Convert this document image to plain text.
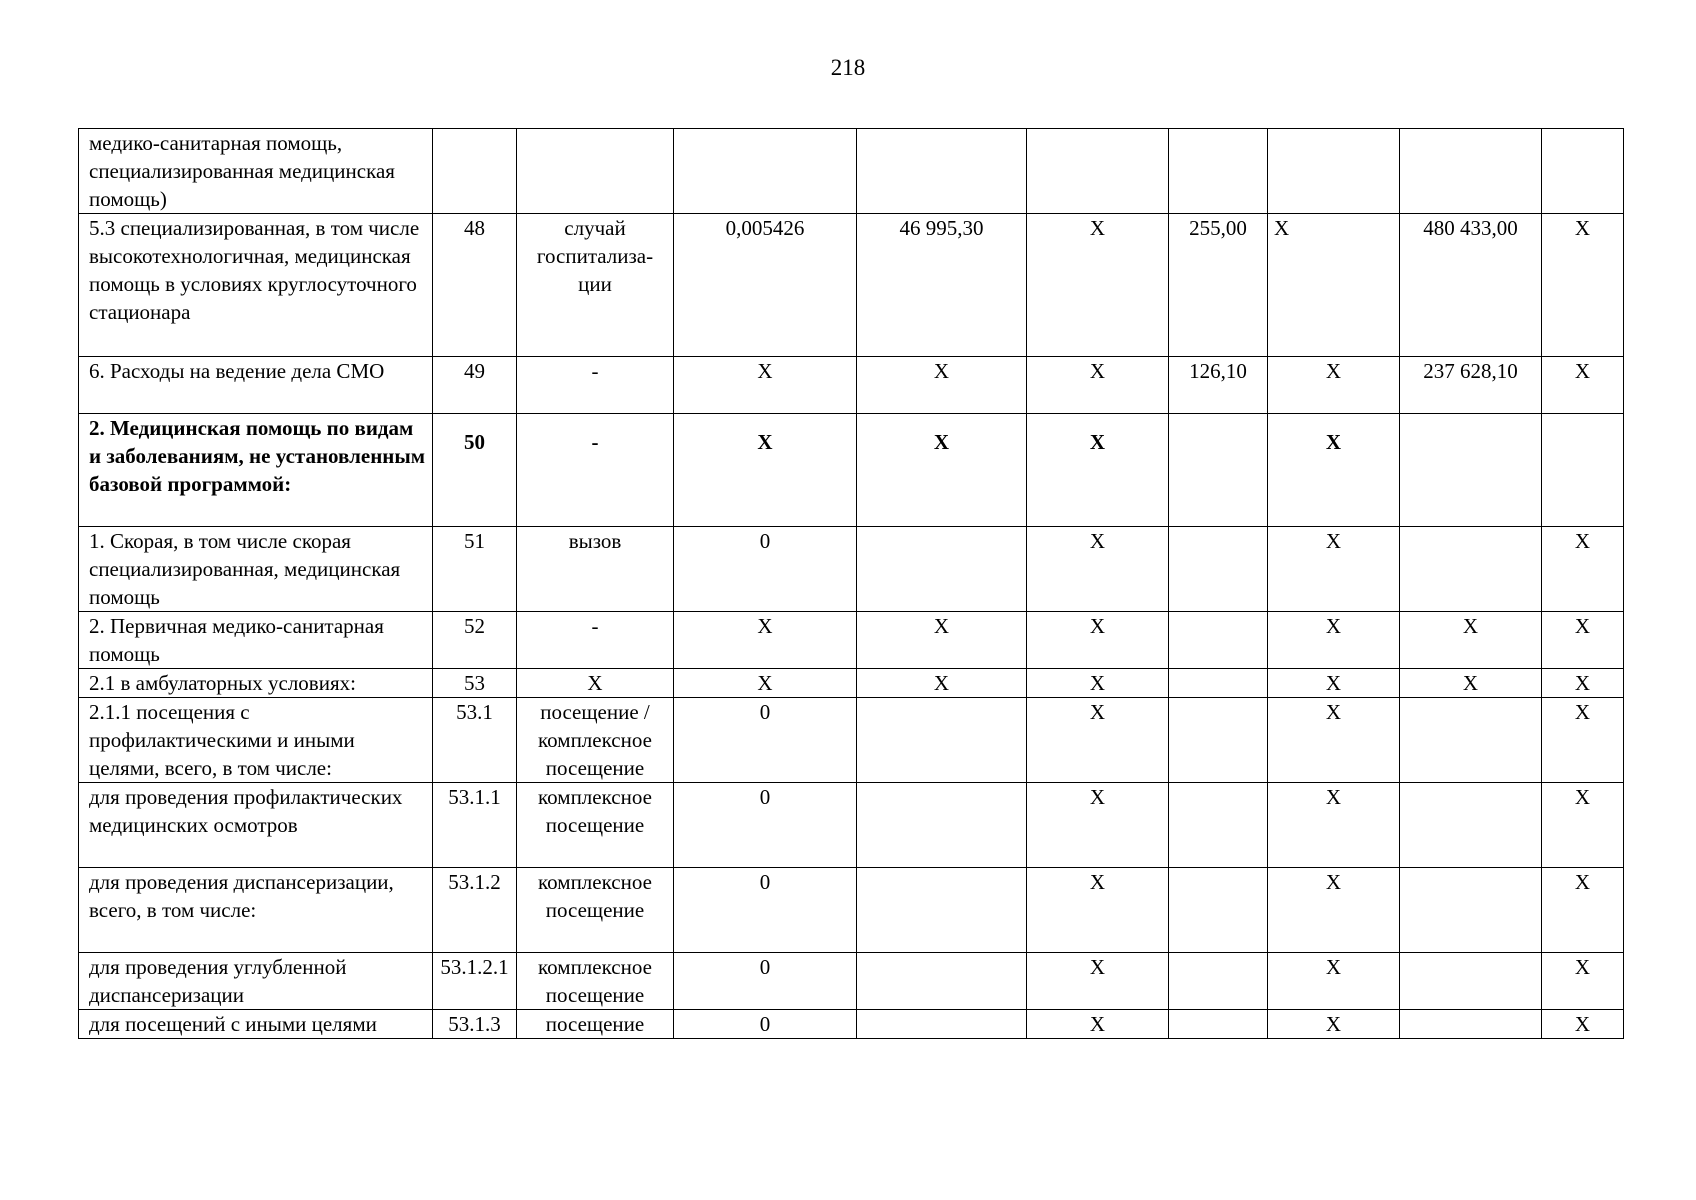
218
медико-санитарная помощь, специализированная медицинская помощь)									
5.3 специализированная, в том числе высокотехнологичная, медицинская помощь в условиях круглосуточного стационара	48	случай госпитализа-ции	0,005426	46 995,30	Х	255,00	Х	480 433,00	Х
6. Расходы на ведение дела СМО	49	-	Х	Х	Х	126,10	Х	237 628,10	Х
2. Медицинская помощь по видам и заболеваниям, не установленным базовой программой:	50	-	Х	Х	Х		Х		
1. Скорая, в том числе скорая специализированная, медицинская помощь	51	вызов	0		Х		Х		Х
2. Первичная медико-санитарная помощь	52	-	Х	Х	Х		Х	Х	Х
2.1 в амбулаторных условиях:	53	Х	Х	Х	Х		Х	Х	Х
2.1.1 посещения с профилактическими и иными целями, всего, в том числе:	53.1	посещение / комплексное посещение	0		Х		Х		Х
для проведения профилактических медицинских осмотров	53.1.1	комплексное посещение	0		Х		Х		Х
для проведения диспансеризации, всего, в том числе:	53.1.2	комплексное посещение	0		Х		Х		Х
для проведения углубленной диспансеризации	53.1.2.1	комплексное посещение	0		Х		Х		Х
для посещений с иными целями	53.1.3	посещение	0		Х		Х		Х
